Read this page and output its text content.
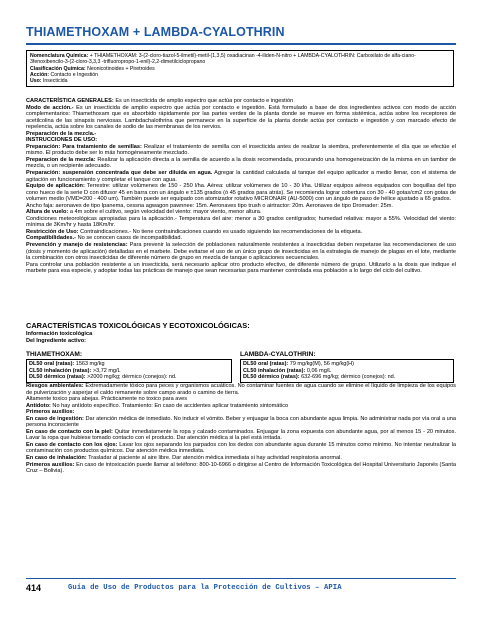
THIAMETHOXAM + LAMBDA-CYALOTHRIN
Nomenclatura Química: + THIAMETHOXAM: 3-(2-cloro-tiazol-5-ilmetil)-metil-(1,3,5) oxadiacinan -4-iliden-N-nitro + LAMBDA-CYALOTHRIN: Carboxilato de alfa-ciano-3fenoxibencilo-3-(2-cloro-3,3,3 -trifluoropropo-1-enil)-2,2-dimetilciclopropano
Clasificación Química: Neonicotinoides + Piretroides
Acción: Contacto e Ingestión
Uso: Insecticida

CARACTERÍSTICA GENERALES: Es un insecticida de amplio espectro que actúa por contacto e ingestión

Modo de acción.- Es un insecticida de amplio espectro que actúa por contacto e ingestión. Está formulado a base de dos ingredientes activos con modo de acción complementarios: Thiamethoxam que es absorbido rápidamente por las partes verdes de la planta donde se mueve en forma sistémica, actúa sobre los receptores de acetilcolina de las sinapsis nerviosas. Lambdachalothrina que permanece en la superficie de la planta donde actúa por contacto e ingestión y con marcado efecto de repelencia, actúa sobre los canales de sodio de las membranas de los nervios.

Preparación de la mezcla.-

INSTRUCCIONES DE USO:

Preparación: Para tratamiento de semillas: Realizar el tratamiento de semilla con el insecticida antes de realizar la siembra, preferentemente el día que se efectúe el mismo. El producto debe ser lo más homogéneamente mezclado.

Preparacion de la mezcla: Realizar la aplicación directa a la semilla de acuerdo a la dosis recomendada, procurando una homogeneización de la misma en un tambor de mezcla, o un recipiente adecuado.

Preparación: suspensión concentrada que debe ser diluida en agua. Agregar la cantidad calculada al tanque del equipo aplicador a medio llenar, con el sistema de agitación en funcionamiento y completar el tanque con agua.

Equipo de aplicación: Terrestre: utilizar volúmenes de 150 - 250 l/ha. Aérea: utilizar volúmenes de 10 - 30 l/ha. Utilizar equipos aéreos equipados con boquillas del tipo cono hueco de la serie D con difusor 45 en barra con un ángulo e ±135 grados (ó 45 grados para atrás). Se recomienda lograr cobertura con 30 - 40 gotas/cm2 con gotas de volumen medio (VMD=200 - 400 um). También puede ser equipado con atomizador rotativo MICRONAIR (AU-5000) con un ángulo de paso de hélice ajustado a 65 grados.

Ancho fajа: aeronaves de tipo Ipanema, cessna agwagon pawnnee: 15m. Aeronaves tipo trush o airtractor: 20m. Aeronaves de tipo Dromader: 25m.

Altura de vuelo: a 4m sobre el cultivo, según velocidad del viento: mayor viento, menor altura.

Condiciones meteorológicas apropiadas para la aplicación.- Temperatura del aire: menor a 30 grados centígrados; humedad relativa: mayor a 55%. Velocidad del viento: mínima de 3Km/hr y hasta 18Km/hr.

Restricción de Uso: Contraindicaciones.- No tiene contraindicaciones cuando es usado siguiendo las recomendaciones de la etiqueta.

Compatibilidades.- No se conocen casos de incompatibilidad.

Prevención y manejo de resistencias: Para prevenir la selección de poblaciones naturalmente resistentes a insecticidas deben respetarse las recomendaciones de uso (dosis y momento de aplicación) detalladas en el marbete. Debe evitarse el uso de un único grupo de insecticidas en la estrategia de manejo de plagas en el lote, mediante la combinación con otros insecticidas de diferente número de grupo en mezcla de tanque o aplicaciones secuenciales.

Para controlar una población resistente a un insecticida, será necesario aplicar otro producto efectivo, de diferente número de grupo. Utilizarlo a la dosis que indique el marbete para esa especie, y adoptar todas las prácticas de manejo que sean necesarias para mantener controlada esa población a lo largo del ciclo del cultivo.

CARACTERÍSTICAS TOXICOLÓGICAS Y ECOTOXICOLÓGICAS:
Información toxicológica
Del Ingrediente activo:
THIAMETHOXAM:
DL50 oral (ratas): 1563 mg/kg
CL50 inhalación (ratas): >3,72 mg/L
DL50 dérmico (ratas): >2000 mg/kg; dérmico (conejos): nd.
LAMBDA-CYALOTHRIN:
DL50 oral (ratas): 79 mg/kg(M), 56 mg/kg(H)
CL50 inhalación (ratas): 0,06 mg/L
DL50 dérmico (ratas): 632-696 mg/kg; dérmico (conejos): nd.

Riesgos ambientales: Extremadamente tóxico para peces y organismos acuáticos. No contaminar fuentes de agua cuando se elimine el líquido de limpieza de los equipos de pulverización y asperjar el caldo remanente sobre campo arado o camino de tierra.

Altamente toxico para abejas. Prácticamente no toxico para aves

Antídoto: No hay antídoto específico. Tratamiento: En caso de accidentes aplicar tratamiento sintomático

Primeros auxilios:

En caso de ingestión: Dar atención médica de inmediato. No inducir el vómito. Beber y enjuagar la boca con abundante agua limpia. No administrar nada por vía oral a una persona inconsciente

En caso de contacto con la piel: Quitar inmediatamente la ropa y calzado contaminados. Enjuagar la zona expuesta con abundante agua, por al menos 15 - 20 minutos. Lavar la ropa que hubiese tomado contacto con el producto. Dar atención médica si la piel está irritada.

En caso de contacto con los ojos: Lavar los ojos separando los parpados con los dedos con abundante agua durante 15 minutos como mínimo. No intentar neutralizar la contaminación con productos químicos. Dar atención médica inmediata.

En caso de inhalación: Trasladar al paciente al aire libre. Dar atención médica inmediata si hay actividad respiratoria anormal.

Primeros auxilios: En caso de intoxicación puede llamar al teléfono: 800-10-6966 o dirigirse al Centro de Información Toxicológica del Hospital Universitario Japonés (Santa Cruz – Bolivia).

414	Guía de Uso de Productos para la Protección de Cultivos – APIA
